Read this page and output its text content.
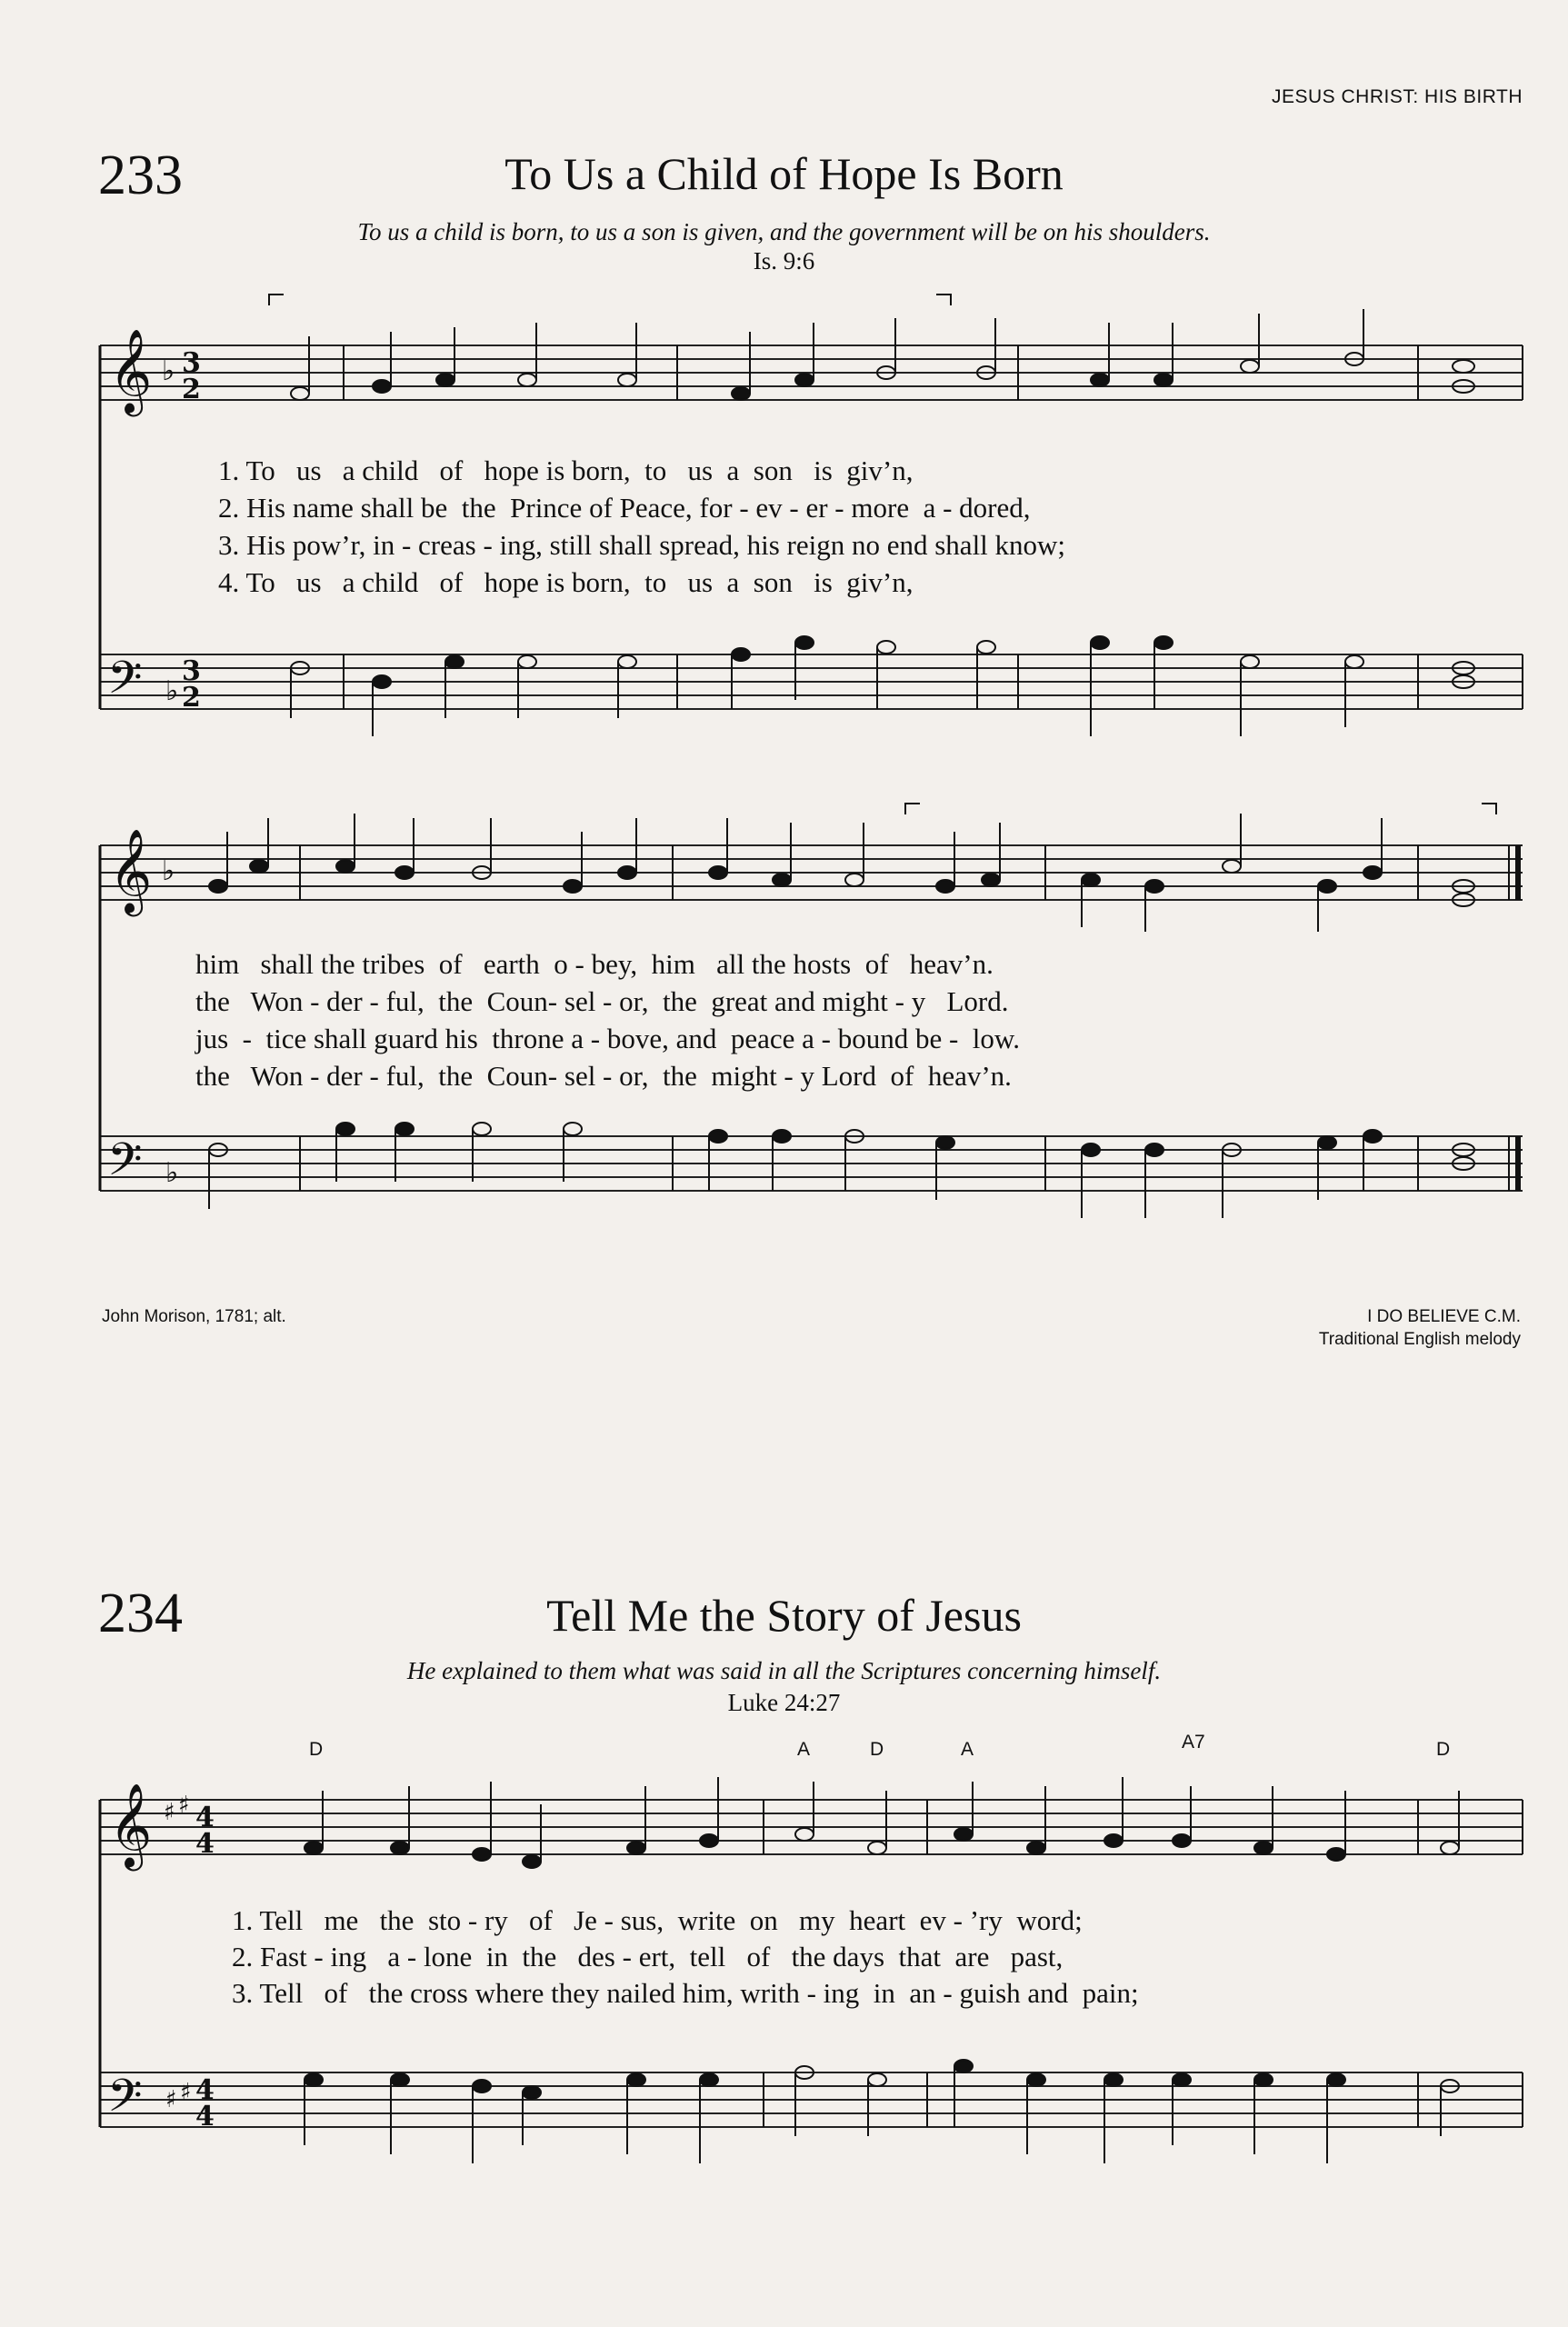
JESUS CHRIST: HIS BIRTH
233	To Us a Child of Hope Is Born
To us a child is born, to us a son is given, and the government will be on his shoulders.
Is. 9:6
𝄞 ♭ 3
2
𝄢 ♭
3
2
1. To   us   a child   of   hope is born,  to   us  a  son   is  giv’n,
2. His name shall be  the  Prince of Peace, for - ev - er - more  a - dored,
3. His pow’r, in - creas - ing, still shall spread, his reign no end shall know;
4. To   us   a child   of   hope is born,  to   us  a  son   is  giv’n,
𝄞 ♭
𝄢 ♭
him   shall the tribes  of   earth  o - bey,  him   all the hosts  of   heav’n.
the   Won - der - ful,  the  Coun- sel - or,  the  great and might - y   Lord.
jus  -  tice shall guard his  throne a - bove, and  peace a - bound be -  low.
the   Won - der - ful,  the  Coun- sel - or,  the  might - y Lord  of  heav’n.
John Morison, 1781; alt.	I DO BELIEVE C.M.
Traditional English melody
234	Tell Me the Story of Jesus
He explained to them what was said in all the Scriptures concerning himself.
Luke 24:27
D	A	D	A	A7	D
𝄞 ♯ ♯ 4
4
𝄢 ♯ ♯ 4
4
1. Tell   me   the  sto - ry   of   Je - sus,  write  on   my  heart  ev - ’ry  word;
2. Fast - ing   a - lone  in  the   des - ert,  tell   of   the days  that  are   past,
3. Tell   of   the cross where they nailed him, writh - ing  in  an - guish and  pain;
